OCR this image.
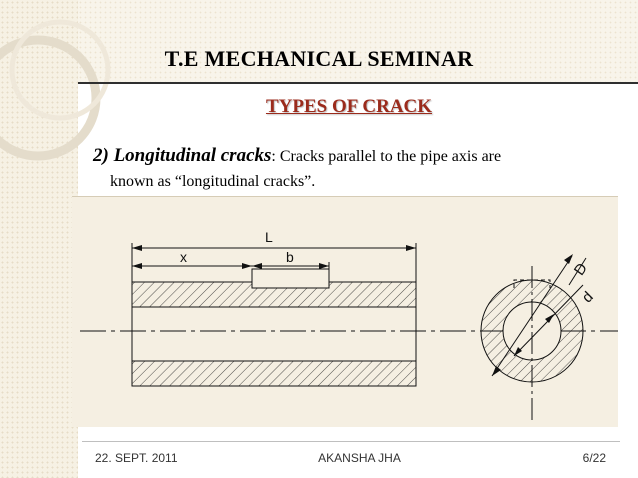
T.E MECHANICAL SEMINAR
TYPES OF CRACK
2) Longitudinal cracks: Cracks parallel to the pipe axis are
known as “longitudinal cracks”.
L
x	b
D
d
22. SEPT. 2011	AKANSHA JHA	6/22
